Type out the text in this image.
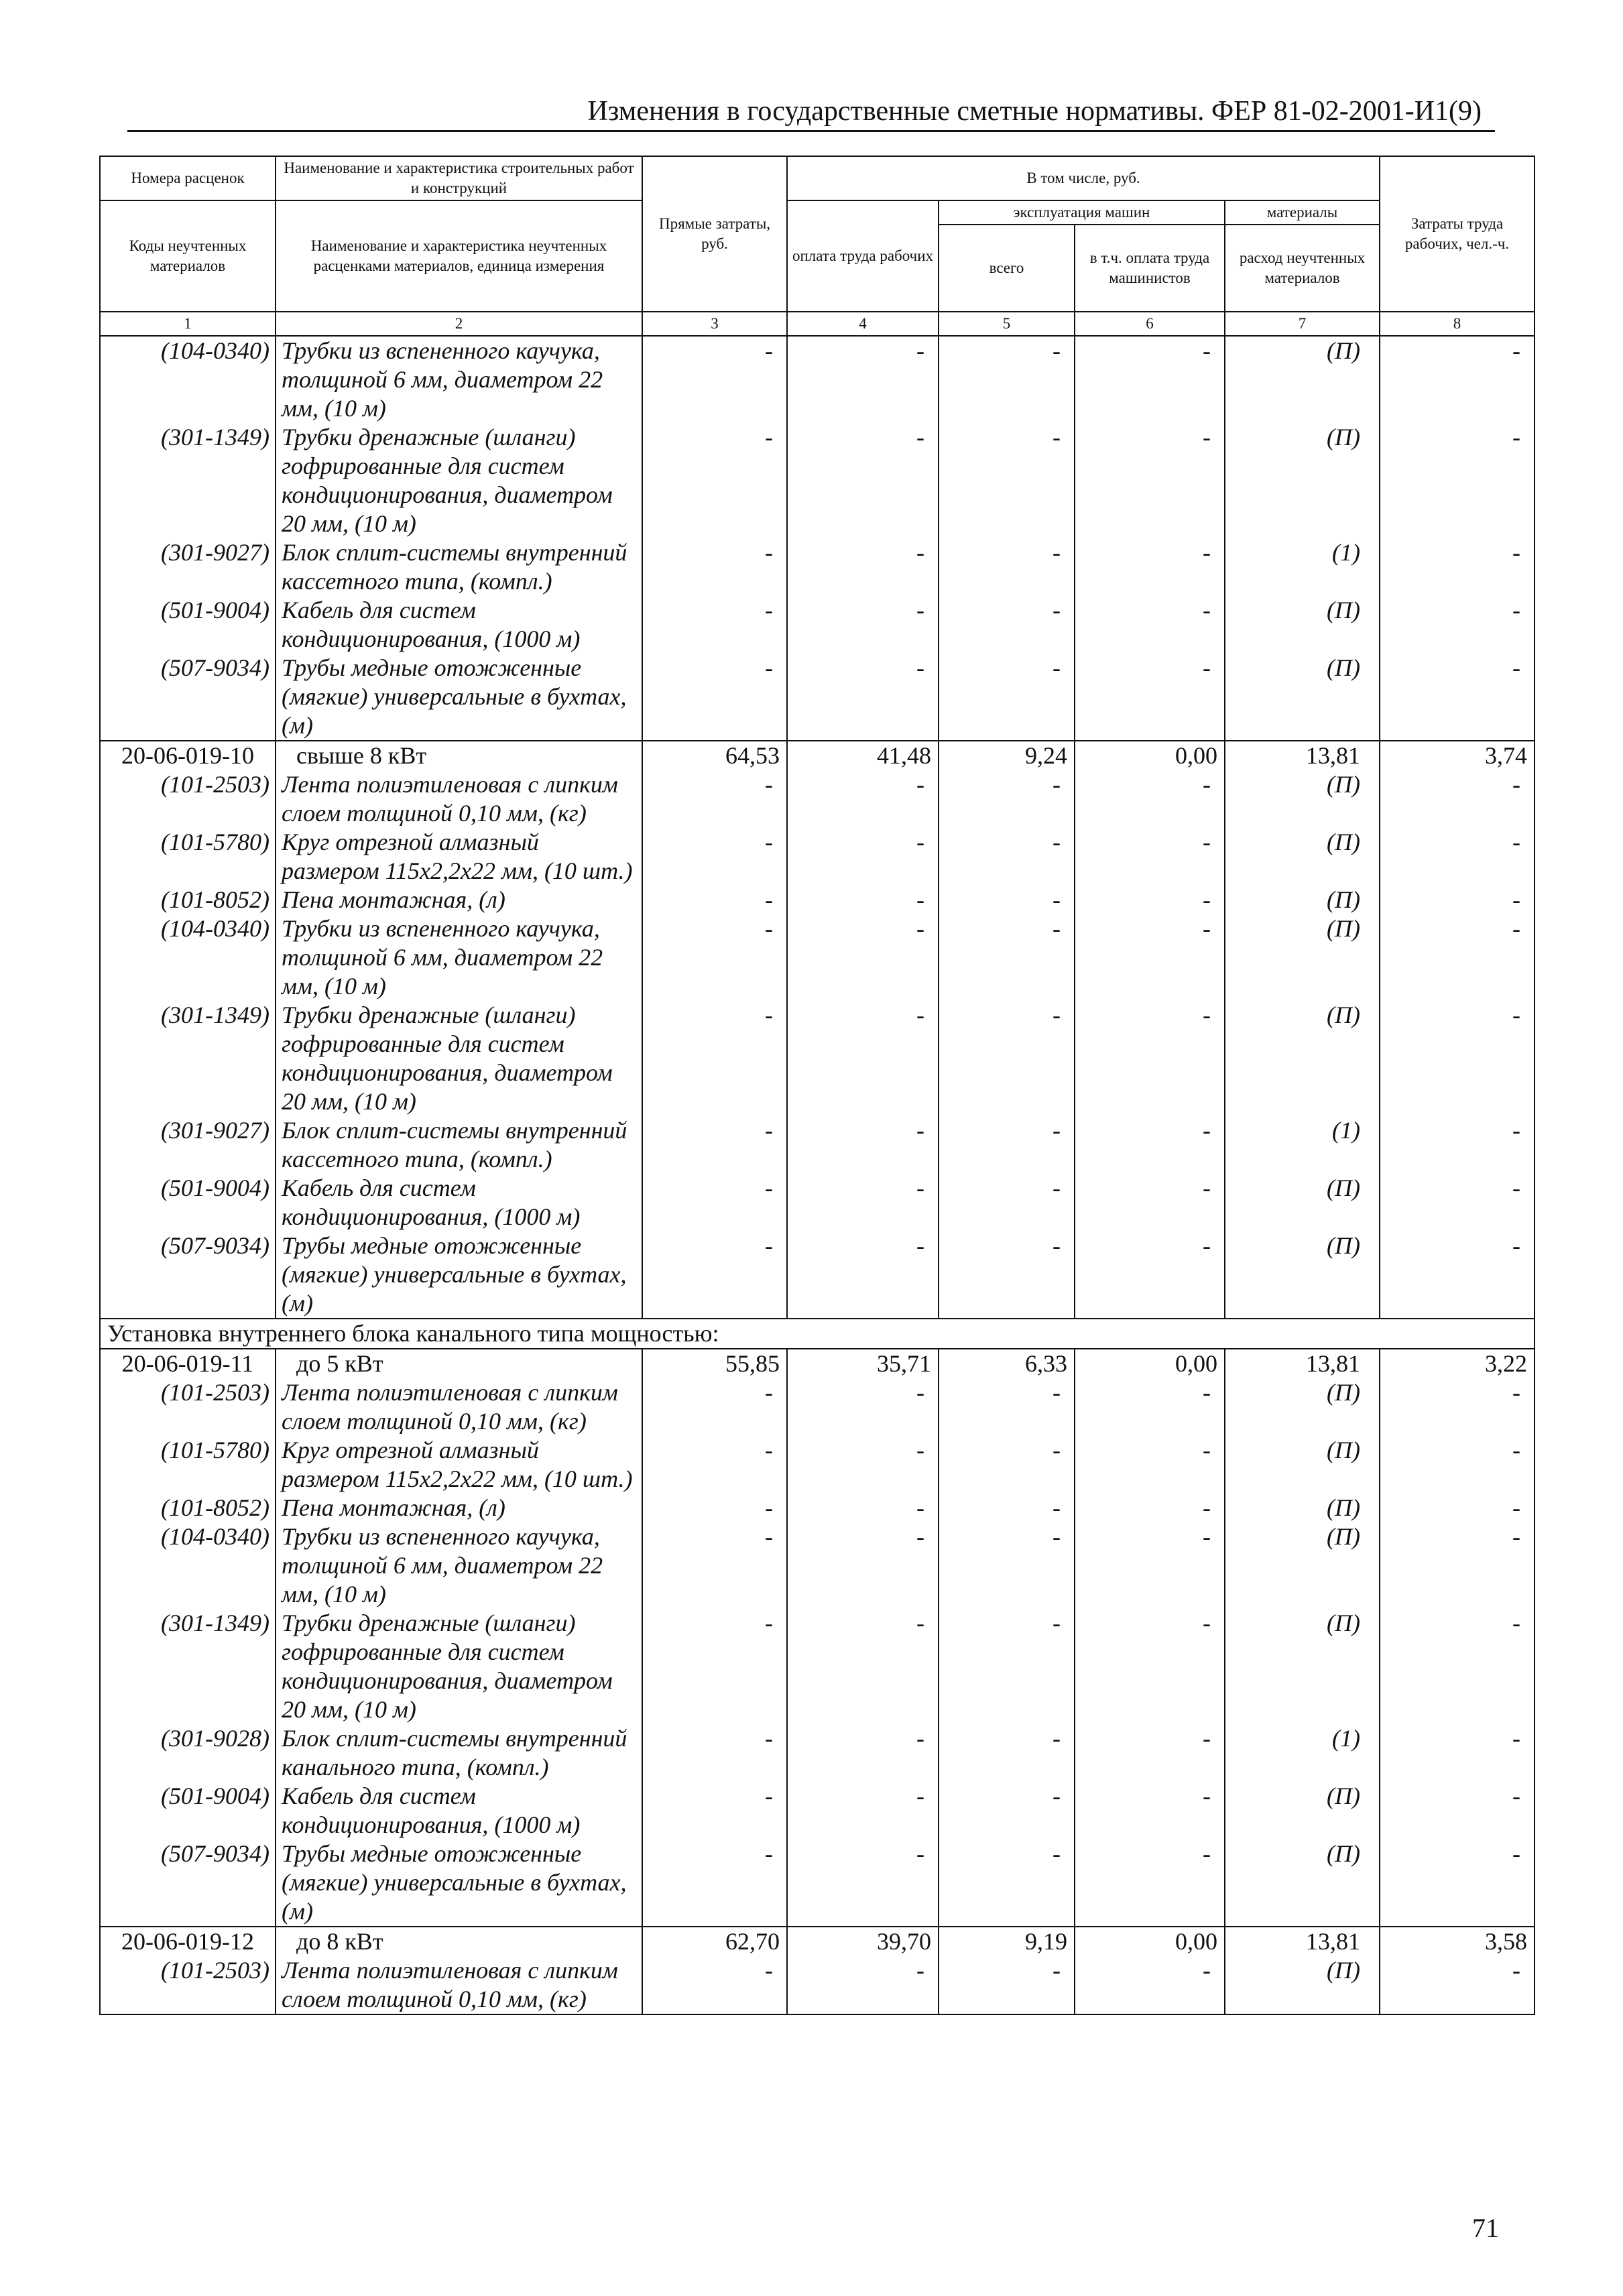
Изменения в государственные сметные нормативы. ФЕР 81-02-2001-И1(9)
Номера расценок	Наименование и характеристика строительных работ и конструкций	Прямые затраты, руб.	В том числе, руб.				Затраты труда рабочих, чел.-ч.
Коды неучтенных материалов	Наименование и характеристика неучтенных расценками материалов, единица измерения		оплата труда рабочих	эксплуатация машин		материалы	
				всего	в т.ч. оплата труда машинистов	расход неучтенных материалов	
1	2	3	4	5	6	7	8
(104-0340)	Трубки из вспененного каучука, толщиной 6 мм, диаметром 22 мм, (10 м)	-	-	-	-	(П)	-
(301-1349)	Трубки дренажные (шланги) гофрированные для систем кондиционирования, диаметром 20 мм, (10 м)	-	-	-	-	(П)	-
(301-9027)	Блок сплит-системы внутренний кассетного типа, (компл.)	-	-	-	-	(1)	-
(501-9004)	Кабель для систем кондиционирования, (1000 м)	-	-	-	-	(П)	-
(507-9034)	Трубы медные отожженные (мягкие) универсальные в бухтах, (м)	-	-	-	-	(П)	-
20-06-019-10	свыше 8 кВт	64,53	41,48	9,24	0,00	13,81	3,74
(101-2503)	Лента полиэтиленовая с липким слоем толщиной 0,10 мм, (кг)	-	-	-	-	(П)	-
(101-5780)	Круг отрезной алмазный размером 115х2,2х22 мм, (10 шт.)	-	-	-	-	(П)	-
(101-8052)	Пена монтажная, (л)	-	-	-	-	(П)	-
(104-0340)	Трубки из вспененного каучука, толщиной 6 мм, диаметром 22 мм, (10 м)	-	-	-	-	(П)	-
(301-1349)	Трубки дренажные (шланги) гофрированные для систем кондиционирования, диаметром 20 мм, (10 м)	-	-	-	-	(П)	-
(301-9027)	Блок сплит-системы внутренний кассетного типа, (компл.)	-	-	-	-	(1)	-
(501-9004)	Кабель для систем кондиционирования, (1000 м)	-	-	-	-	(П)	-
(507-9034)	Трубы медные отожженные (мягкие) универсальные в бухтах, (м)	-	-	-	-	(П)	-
Установка внутреннего блока канального типа мощностью:							
20-06-019-11	до 5 кВт	55,85	35,71	6,33	0,00	13,81	3,22
(101-2503)	Лента полиэтиленовая с липким слоем толщиной 0,10 мм, (кг)	-	-	-	-	(П)	-
(101-5780)	Круг отрезной алмазный размером 115х2,2х22 мм, (10 шт.)	-	-	-	-	(П)	-
(101-8052)	Пена монтажная, (л)	-	-	-	-	(П)	-
(104-0340)	Трубки из вспененного каучука, толщиной 6 мм, диаметром 22 мм, (10 м)	-	-	-	-	(П)	-
(301-1349)	Трубки дренажные (шланги) гофрированные для систем кондиционирования, диаметром 20 мм, (10 м)	-	-	-	-	(П)	-
(301-9028)	Блок сплит-системы внутренний канального типа, (компл.)	-	-	-	-	(1)	-
(501-9004)	Кабель для систем кондиционирования, (1000 м)	-	-	-	-	(П)	-
(507-9034)	Трубы медные отожженные (мягкие) универсальные в бухтах, (м)	-	-	-	-	(П)	-
20-06-019-12	до 8 кВт	62,70	39,70	9,19	0,00	13,81	3,58
(101-2503)	Лента полиэтиленовая с липким слоем толщиной 0,10 мм, (кг)	-	-	-	-	(П)	-
71
